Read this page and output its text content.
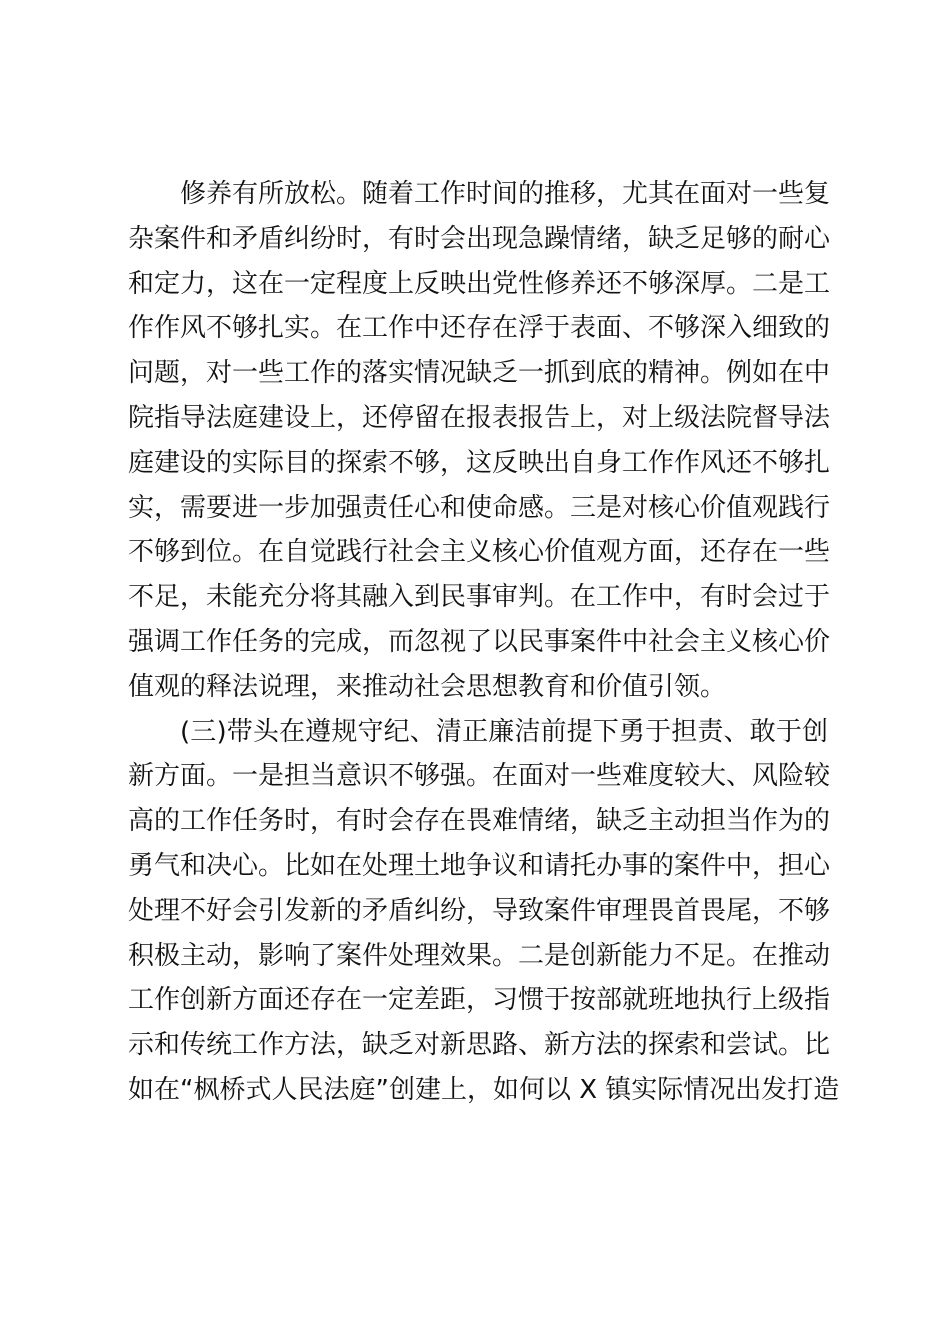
修养有所放松。随着工作时间的推移，尤其在面对一些复
杂案件和矛盾纠纷时，有时会出现急躁情绪，缺乏足够的耐心
和定力，这在一定程度上反映出党性修养还不够深厚。二是工
作作风不够扎实。在工作中还存在浮于表面、不够深入细致的
问题，对一些工作的落实情况缺乏一抓到底的精神。例如在中
院指导法庭建设上，还停留在报表报告上，对上级法院督导法
庭建设的实际目的探索不够，这反映出自身工作作风还不够扎
实，需要进一步加强责任心和使命感。三是对核心价值观践行
不够到位。在自觉践行社会主义核心价值观方面，还存在一些
不足，未能充分将其融入到民事审判。在工作中，有时会过于
强调工作任务的完成，而忽视了以民事案件中社会主义核心价
值观的释法说理，来推动社会思想教育和价值引领。
(三)带头在遵规守纪、清正廉洁前提下勇于担责、敢于创
新方面。一是担当意识不够强。在面对一些难度较大、风险较
高的工作任务时，有时会存在畏难情绪，缺乏主动担当作为的
勇气和决心。比如在处理土地争议和请托办事的案件中，担心
处理不好会引发新的矛盾纠纷，导致案件审理畏首畏尾，不够
积极主动，影响了案件处理效果。二是创新能力不足。在推动
工作创新方面还存在一定差距，习惯于按部就班地执行上级指
示和传统工作方法，缺乏对新思路、新方法的探索和尝试。比
如在“枫桥式人民法庭”创建上，如何以 X 镇实际情况出发打造
